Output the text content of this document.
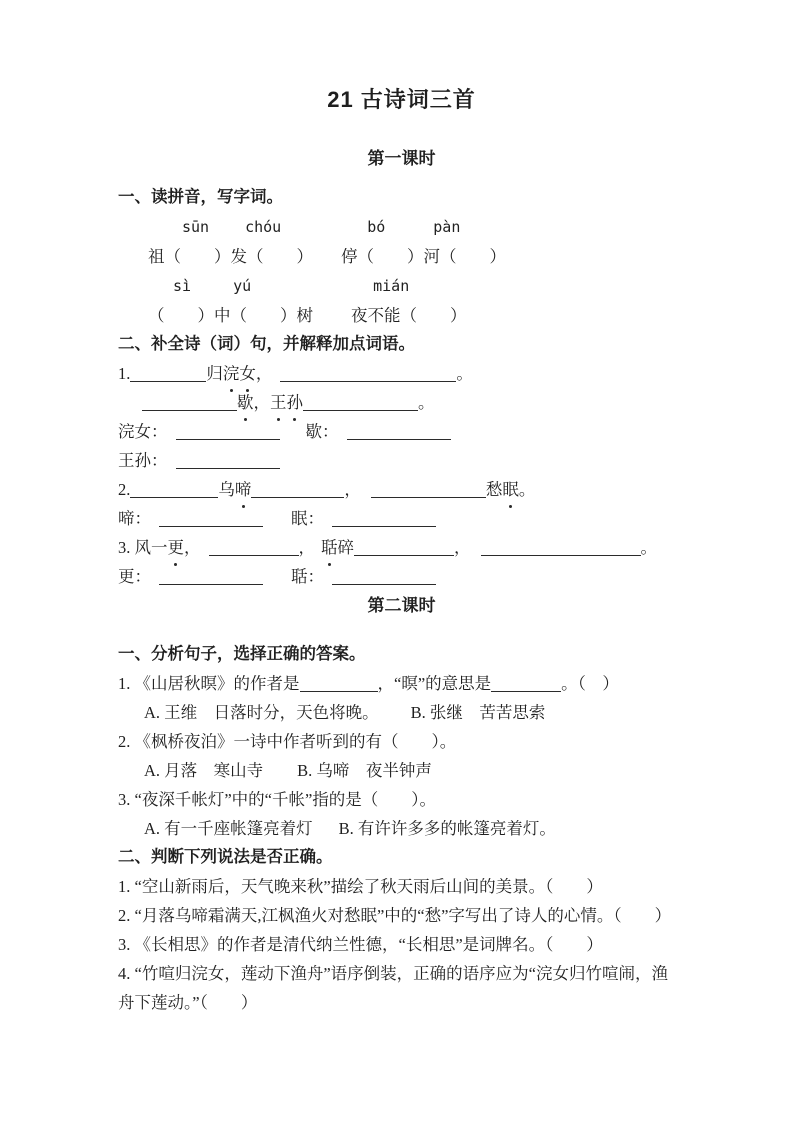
21 古诗词三首
第一课时
一、读拼音，写字词。
sūn chóu	bó	pàn
祖（　　）发（　　） 停（　　）河（　　）
sì	yú	mián
（　　）中（　　）树 夜不能（　　）
二、补全诗（词）句，并解释加点词语。
1.	归浣女，	。
歇，王孙	。
浣女：	歇：
王孙：
2.	乌啼	，	愁眠。
啼：	眠：
3. 风一更，	， 聒碎	，	。
更：	聒：
第二课时
一、分析句子，选择正确的答案。
1. 《山居秋暝》的作者是	，“暝”的意思是	。（　）
A. 王维　日落时分，天色将晚。 B. 张继　苦苦思索
2. 《枫桥夜泊》一诗中作者听到的有（　　）。
A. 月落　寒山寺 B. 乌啼　夜半钟声
3. “夜深千帐灯”中的“千帐”指的是（　　）。
A. 有一千座帐篷亮着灯 B. 有许许多多的帐篷亮着灯。
二、判断下列说法是否正确。
1. “空山新雨后，天气晚来秋”描绘了秋天雨后山间的美景。（　　）
2. “月落乌啼霜满天,江枫渔火对愁眠”中的“愁”字写出了诗人的心情。（　　）
3. 《长相思》的作者是清代纳兰性德，“长相思”是词牌名。（　　）
4. “竹喧归浣女，莲动下渔舟”语序倒装，正确的语序应为“浣女归竹喧闹，渔
舟下莲动。”（　　）
